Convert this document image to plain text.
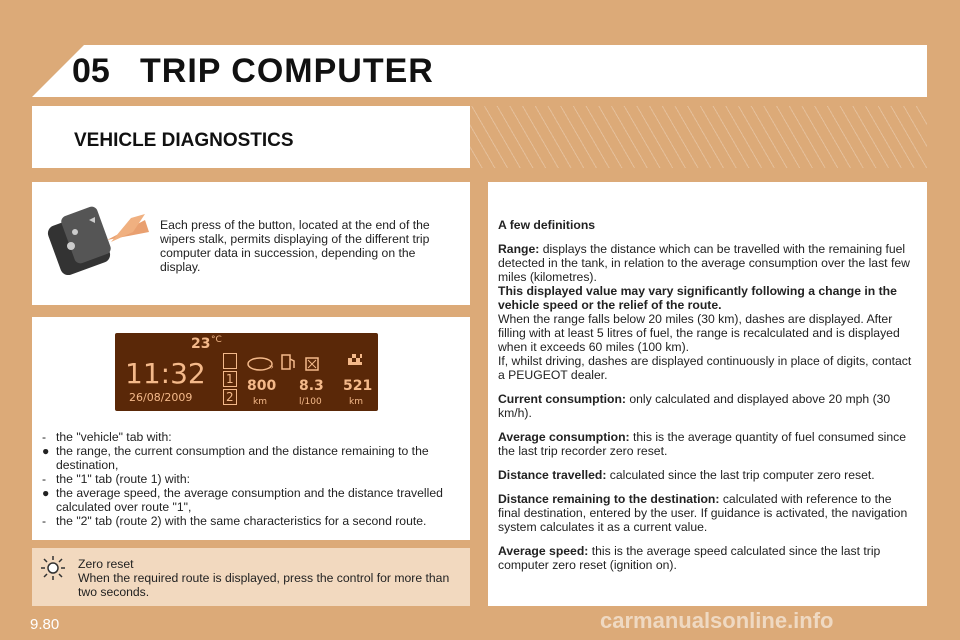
05 TRIP COMPUTER
VEHICLE DIAGNOSTICS
Each press of the button, located at the end of the wipers stalk, permits displaying of the different trip computer data in succession, depending on the display.
23 °C
11:32
26/08/2009
1
2
»
800
km
8.3
l/100
521
km
- the "vehicle" tab with:
● the range, the current consumption and the distance remaining to the destination,
- the "1" tab (route 1) with:
● the average speed, the average consumption and the distance travelled calculated over route "1",
- the "2" tab (route 2) with the same characteristics for a second route.
Zero reset
When the required route is displayed, press the control for more than two seconds.

A few definitions

Range: displays the distance which can be travelled with the remaining fuel detected in the tank, in relation to the average consumption over the last few miles (kilometres).
This displayed value may vary significantly following a change in the vehicle speed or the relief of the route.
When the range falls below 20 miles (30 km), dashes are displayed. After filling with at least 5 litres of fuel, the range is recalculated and is displayed when it exceeds 60 miles (100 km).
If, whilst driving, dashes are displayed continuously in place of digits, contact a PEUGEOT dealer.

Current consumption: only calculated and displayed above 20 mph (30 km/h).

Average consumption: this is the average quantity of fuel consumed since the last trip recorder zero reset.

Distance travelled: calculated since the last trip computer zero reset.

Distance remaining to the destination: calculated with reference to the final destination, entered by the user. If guidance is activated, the navigation system calculates it as a current value.

Average speed: this is the average speed calculated since the last trip computer zero reset (ignition on).

9.80	carmanualsonline.info
